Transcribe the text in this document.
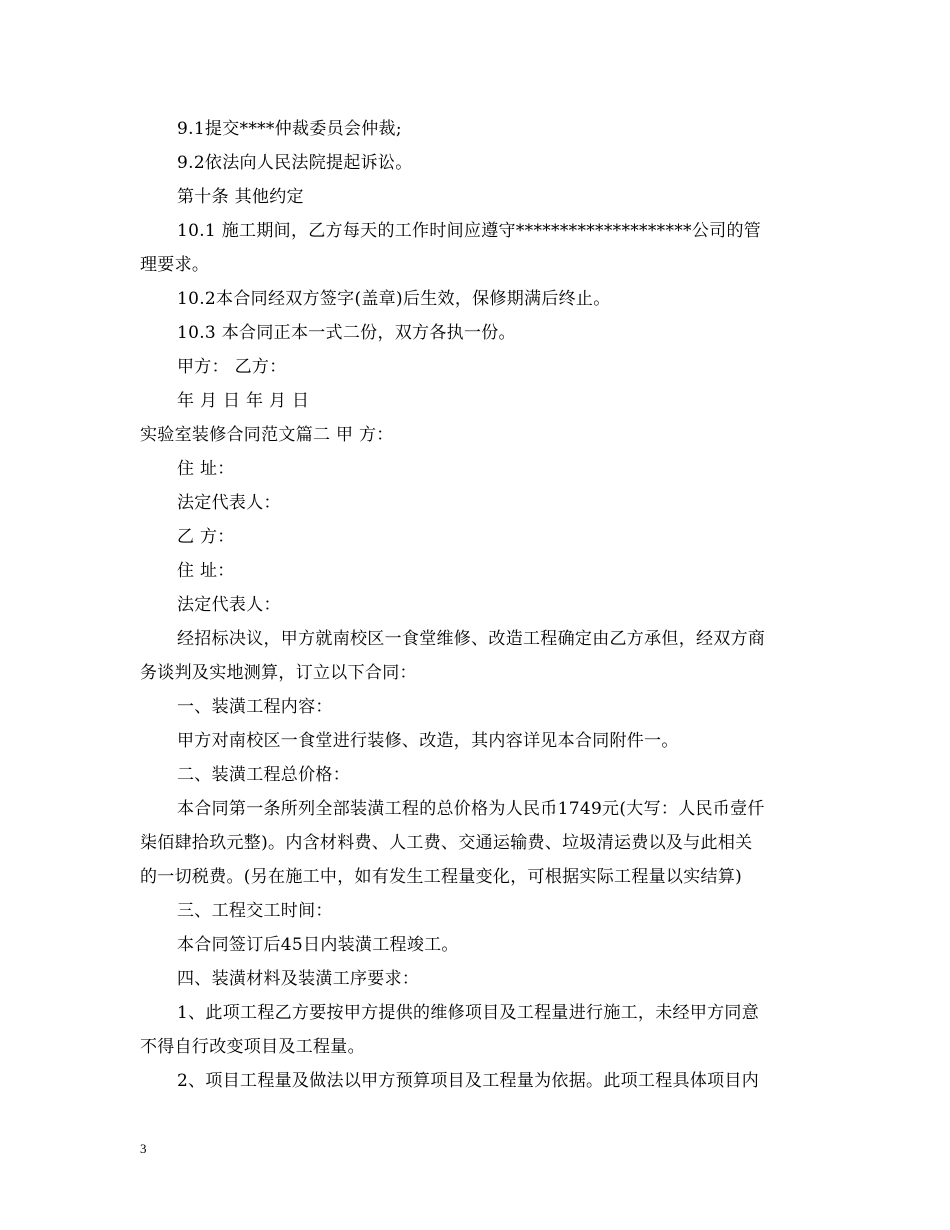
9.1提交****仲裁委员会仲裁;
9.2依法向人民法院提起诉讼。
第十条 其他约定
10.1 施工期间，乙方每天的工作时间应遵守********************公司的管
理要求。
10.2本合同经双方签字(盖章)后生效，保修期满后终止。
10.3 本合同正本一式二份，双方各执一份。
甲方： 乙方：
年 月 日 年 月 日
实验室装修合同范文篇二 甲 方：
住 址：
法定代表人：
乙 方：
住 址：
法定代表人：
经招标决议，甲方就南校区一食堂维修、改造工程确定由乙方承但，经双方商
务谈判及实地测算，订立以下合同：
一、装潢工程内容：
甲方对南校区一食堂进行装修、改造，其内容详见本合同附件一。
二、装潢工程总价格：
本合同第一条所列全部装潢工程的总价格为人民币1749元(大写：人民币壹仟
柒佰肆拾玖元整)。内含材料费、人工费、交通运输费、垃圾清运费以及与此相关
的一切税费。(另在施工中，如有发生工程量变化，可根据实际工程量以实结算)
三、工程交工时间：
本合同签订后45日内装潢工程竣工。
四、装潢材料及装潢工序要求：
1、此项工程乙方要按甲方提供的维修项目及工程量进行施工，未经甲方同意
不得自行改变项目及工程量。
2、项目工程量及做法以甲方预算项目及工程量为依据。此项工程具体项目内
3
